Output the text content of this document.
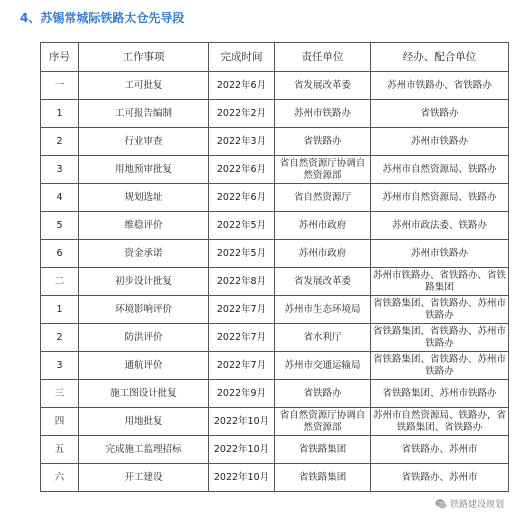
4、苏锡常城际铁路太仓先导段
序号	工作事项	完成时间	责任单位	经办、配合单位
一	工可批复	2022年6月	省发展改革委	苏州市铁路办、省铁路办
1	工可报告编制	2022年2月	苏州市铁路办	省铁路办
2	行业审查	2022年3月	省铁路办	苏州市铁路办
3	用地预审批复	2022年6月	省自然资源厅协调自然资源部	苏州市自然资源局、铁路办
4	规划选址	2022年6月	省自然资源厅	苏州市自然资源局、铁路办
5	维稳评价	2022年5月	苏州市政府	苏州市政法委、铁路办
6	资金承诺	2022年5月	苏州市政府	苏州市铁路办
二	初步设计批复	2022年8月	省发展改革委	苏州市铁路办、省铁路办、省铁路集团
1	环境影响评价	2022年7月	苏州市生态环境局	省铁路集团、省铁路办、苏州市铁路办
2	防洪评价	2022年7月	省水利厅	省铁路集团、省铁路办、苏州市铁路办
3	通航评价	2022年7月	苏州市交通运输局	省铁路集团、省铁路办、苏州市铁路办
三	施工图设计批复	2022年9月	省铁路办	省铁路集团、苏州市铁路办
四	用地批复	2022年10月	省自然资源厅协调自然资源部	苏州市自然资源局、铁路办，省铁路集团、省铁路办
五	完成施工监理招标	2022年10月	省铁路集团	省铁路办、苏州市
六	开工建设	2022年10月	省铁路集团	省铁路办、苏州市
铁路建设规划
